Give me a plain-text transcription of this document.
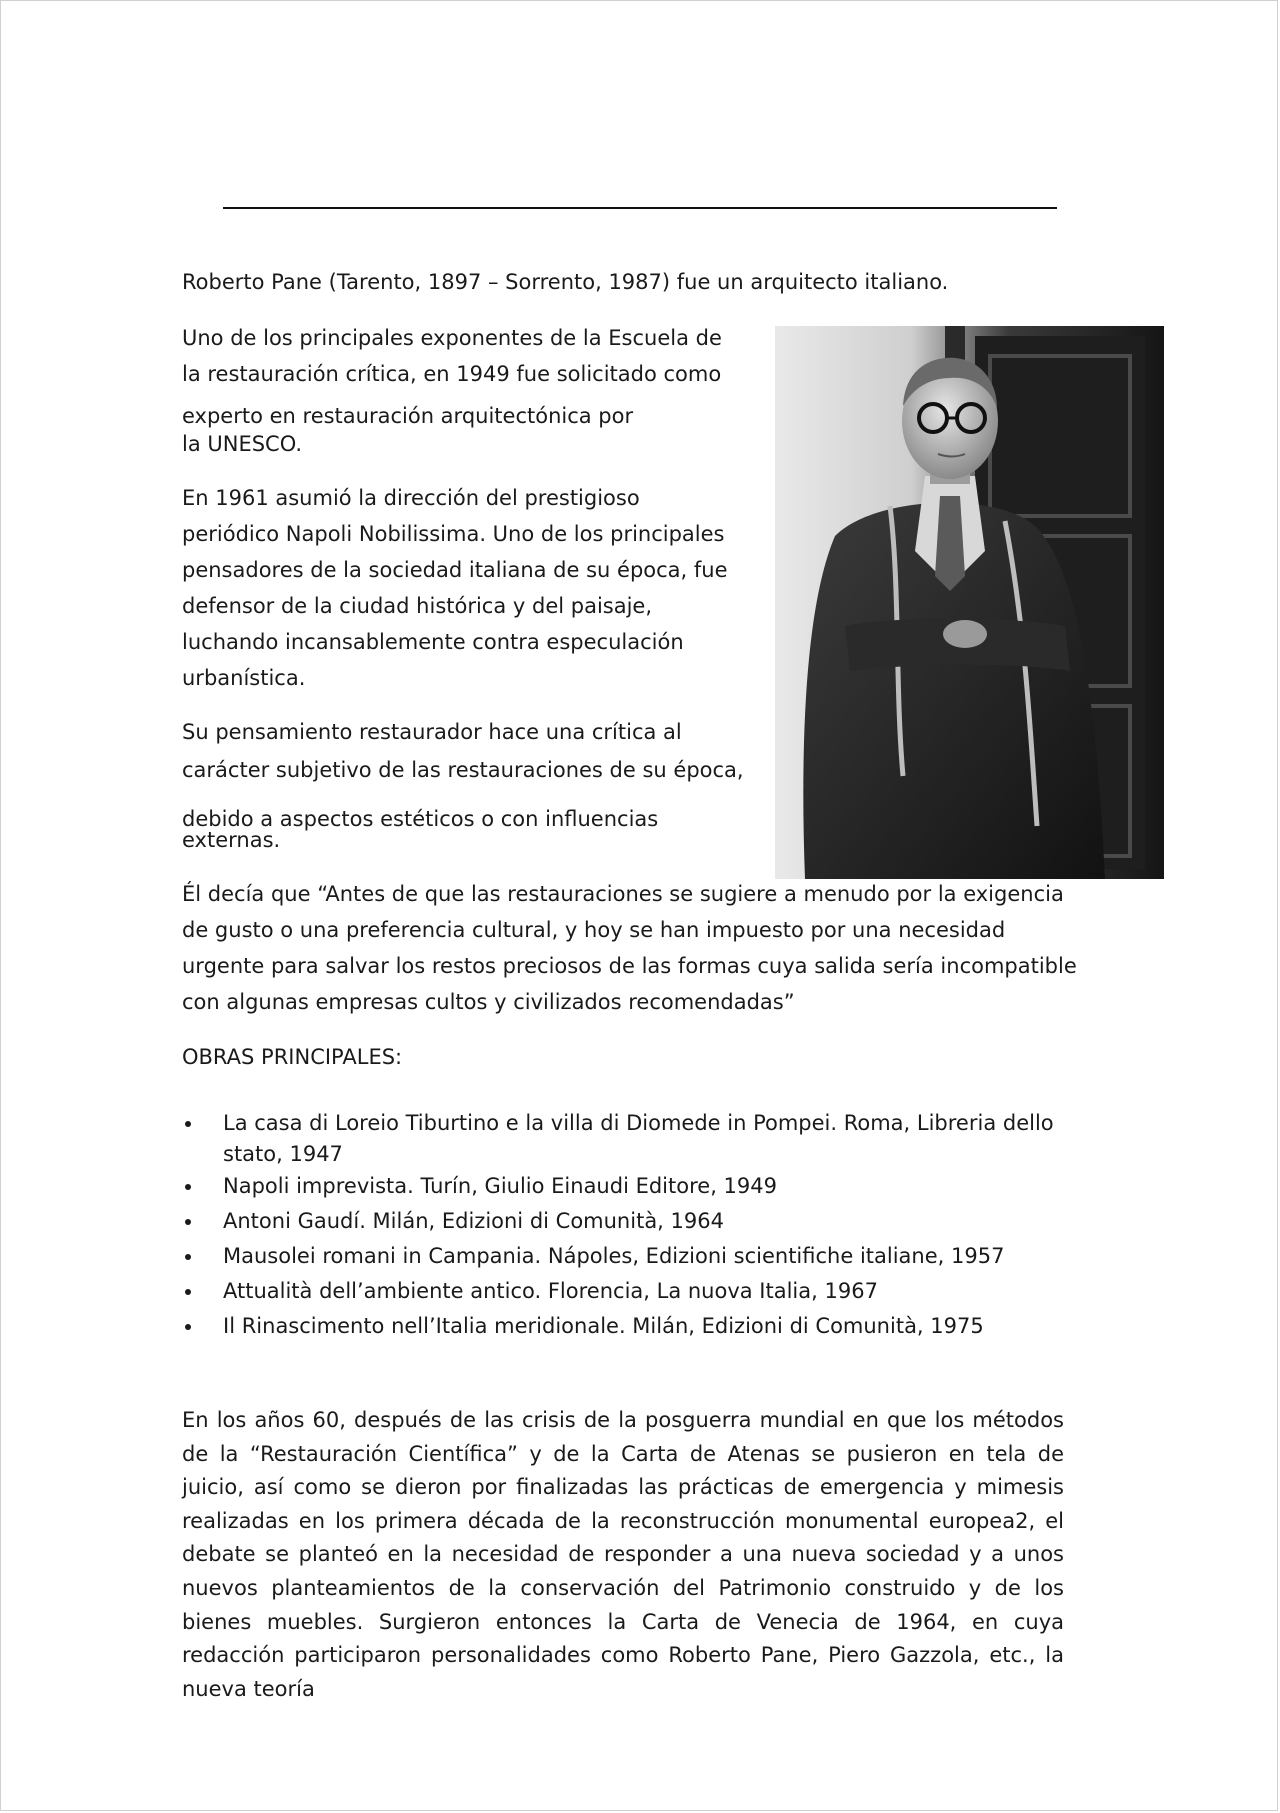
Roberto Pane (Tarento, 1897 – Sorrento, 1987) fue un arquitecto italiano.

Uno de los principales exponentes de la Escuela de

la restauración crítica, en 1949 fue solicitado como

experto en restauración arquitectónica por

la UNESCO.

En 1961 asumió la dirección del prestigioso

periódico Napoli Nobilissima. Uno de los principales

pensadores de la sociedad italiana de su época, fue

defensor de la ciudad histórica y del paisaje,

luchando incansablemente contra especulación

urbanística.

Su pensamiento restaurador hace una crítica al

carácter subjetivo de las restauraciones de su época,

debido a aspectos estéticos o con influencias

externas.

Él decía que “Antes de que las restauraciones se sugiere a menudo por la exigencia

de gusto o una preferencia cultural, y hoy se han impuesto por una necesidad

urgente para salvar los restos preciosos de las formas cuya salida sería incompatible

con algunas empresas cultos y civilizados recomendadas”

OBRAS PRINCIPALES:

La casa di Loreio Tiburtino e la villa di Diomede in Pompei. Roma, Libreria dello
stato, 1947
Napoli imprevista. Turín, Giulio Einaudi Editore, 1949
Antoni Gaudí. Milán, Edizioni di Comunità, 1964
Mausolei romani in Campania. Nápoles, Edizioni scientifiche italiane, 1957
Attualità dell’ambiente antico. Florencia, La nuova Italia, 1967
Il Rinascimento nell’Italia meridionale. Milán, Edizioni di Comunità, 1975
En los años 60, después de las crisis de la posguerra mundial en que los métodos
de la “Restauración Científica” y de la Carta de Atenas se pusieron en tela de
juicio, así como se dieron por finalizadas las prácticas de emergencia y mimesis
realizadas en los primera década de la reconstrucción monumental europea2, el
debate se planteó en la necesidad de responder a una nueva sociedad y a unos
nuevos planteamientos de la conservación del Patrimonio construido y de los
bienes muebles. Surgieron entonces la Carta de Venecia de 1964, en cuya
redacción participaron personalidades como Roberto Pane, Piero Gazzola, etc., la
nueva teoría
